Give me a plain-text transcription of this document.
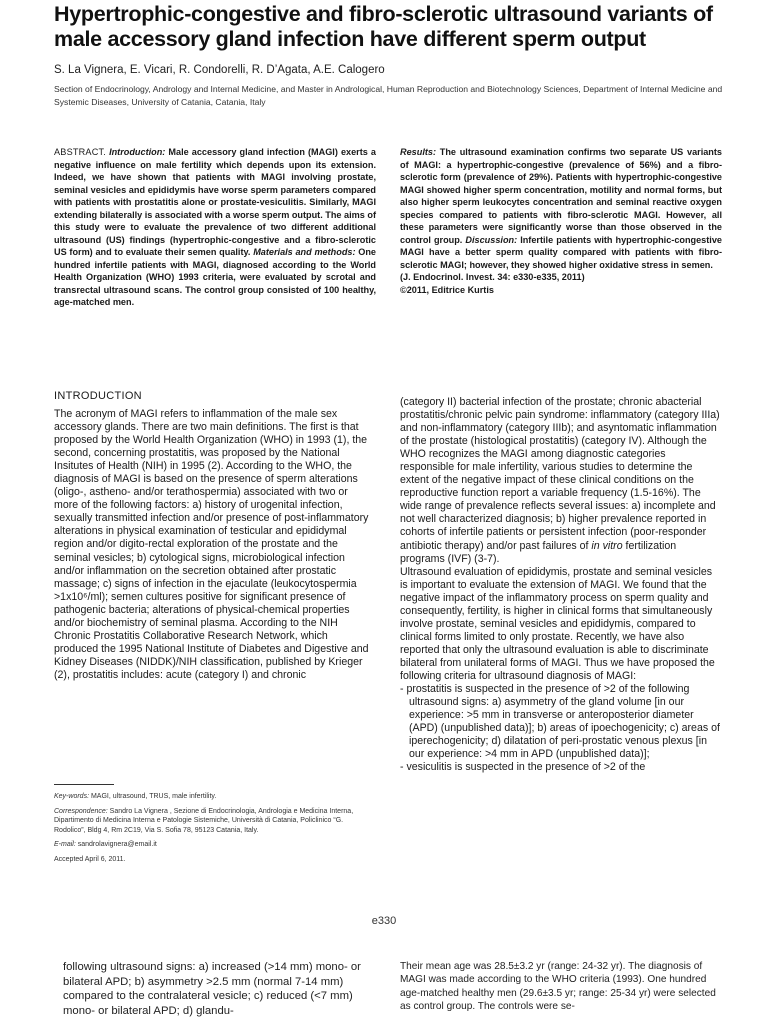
Hypertrophic-congestive and fibro-sclerotic ultrasound variants of male accessory gland infection have different sperm output

S. La Vignera, E. Vicari, R. Condorelli, R. D’Agata, A.E. Calogero

Section of Endocrinology, Andrology and Internal Medicine, and Master in Andrological, Human Reproduction and Biotechnology Sciences, Department of Internal Medicine and Systemic Diseases, University of Catania, Catania, Italy

ABSTRACT. Introduction: Male accessory gland infection (MAGI) exerts a negative influence on male fertility which depends upon its extension. Indeed, we have shown that patients with MAGI involving prostate, seminal vesicles and epididymis have worse sperm parameters compared with patients with prostatitis alone or prostate-vesiculitis. Similarly, MAGI extending bilaterally is associated with a worse sperm output. The aims of this study were to evaluate the prevalence of two different additional ultrasound (US) findings (hypertrophic-congestive and a fibro-sclerotic US form) and to evaluate their semen quality. Materials and methods: One hundred infertile patients with MAGI, diagnosed according to the World Health Organization (WHO) 1993 criteria, were evaluated by scrotal and transrectal ultrasound scans. The control group consisted of 100 healthy, age-matched men.

Results: The ultrasound examination confirms two separate US variants of MAGI: a hypertrophic-congestive (prevalence of 56%) and a fibro-sclerotic form (prevalence of 29%). Patients with hypertrophic-congestive MAGI showed higher sperm concentration, motility and normal forms, but also higher sperm leukocytes concentration and seminal reactive oxygen species compared to patients with fibro-sclerotic MAGI. However, all these parameters were significantly worse than those observed in the control group. Discussion: Infertile patients with hypertrophic-congestive MAGI have a better sperm quality compared with patients with fibro-sclerotic MAGI; however, they showed higher oxidative stress in semen.
(J. Endocrinol. Invest. 34: e330-e335, 2011)
©2011, Editrice Kurtis

INTRODUCTION

The acronym of MAGI refers to inflammation of the male sex accessory glands. There are two main definitions. The first is that proposed by the World Health Organization (WHO) in 1993 (1), the second, concerning prostatitis, was proposed by the National Insitutes of Health (NIH) in 1995 (2). According to the WHO, the diagnosis of MAGI is based on the presence of sperm alterations (oligo-, astheno- and/or terathospermia) associated with two or more of the following factors: a) history of urogenital infection, sexually transmitted infection and/or presence of post-inflammatory alterations in physical examination of testicular and epididymal region and/or digito-rectal exploration of the prostate and the seminal vesicles; b) cytological signs, microbiological infection and/or inflammation on the secretion obtained after prostatic massage; c) signs of infection in the ejaculate (leukocytospermia >1x10⁶/ml); semen cultures positive for significant presence of pathogenic bacteria; alterations of physical-chemical properties and/or biochemistry of seminal plasma. According to the NIH Chronic Prostatitis Collaborative Research Network, which produced the 1995 National Institute of Diabetes and Digestive and Kidney Diseases (NIDDK)/NIH classification, published by Krieger (2), prostatitis includes: acute (category I) and chronic

(category II) bacterial infection of the prostate; chronic abacterial prostatitis/chronic pelvic pain syndrome: inflammatory (category IIIa) and non-inflammatory (category IIIb); and asyntomatic inflammation of the prostate (histological prostatitis) (category IV). Although the WHO recognizes the MAGI among diagnostic categories responsible for male infertility, various studies to determine the extent of the negative impact of these clinical conditions on the reproductive function report a variable frequency (1.5-16%). The wide range of prevalence reflects several issues: a) incomplete and not well characterized diagnosis; b) higher prevalence reported in cohorts of infertile patients or persistent infection (poor-responder antibiotic therapy) and/or past failures of in vitro fertilization programs (IVF) (3-7).

Ultrasound evaluation of epididymis, prostate and seminal vesicles is important to evaluate the extension of MAGI. We found that the negative impact of the inflammatory process on sperm quality and consequently, fertility, is higher in clinical forms that simultaneously involve prostate, seminal vesicles and epididymis, compared to clinical forms limited to only prostate. Recently, we have also reported that only the ultrasound evaluation is able to discriminate bilateral from unilateral forms of MAGI. Thus we have proposed the following criteria for ultrasound diagnosis of MAGI:

- prostatitis is suspected in the presence of >2 of the following ultrasound signs: a) asymmetry of the gland volume [in our experience: >5 mm in transverse or anteroposterior diameter (APD) (unpublished data)]; b) areas of ipoechogenicity; c) areas of iperechogenicity; d) dilatation of peri-prostatic venous plexus [in our experience: >4 mm in APD (unpublished data)];
- vesiculitis is suspected in the presence of >2 of the

Key-words: MAGI, ultrasound, TRUS, male infertility.

Correspondence: Sandro La Vignera , Sezione di Endocrinologia, Andrologia e Medicina Interna, Dipartimento di Medicina Interna e Patologie Sistemiche, Università di Catania, Policlinico “G. Rodolico”, Bldg 4, Rm 2C19, Via S. Sofia 78, 95123 Catania, Italy.

E-mail: sandrolavignera@email.it

Accepted April 6, 2011.

e330

following ultrasound signs: a) increased (>14 mm) mono- or bilateral APD; b) asymmetry >2.5 mm (normal 7-14 mm) compared to the contralateral vesicle; c) reduced (<7 mm) mono- or bilateral APD; d) glandu-

Their mean age was 28.5±3.2 yr (range: 24-32 yr). The diagnosis of MAGI was made according to the WHO criteria (1993). One hundred age-matched healthy men (29.6±3.5 yr; range: 25-34 yr) were selected as control group. The controls were se-
